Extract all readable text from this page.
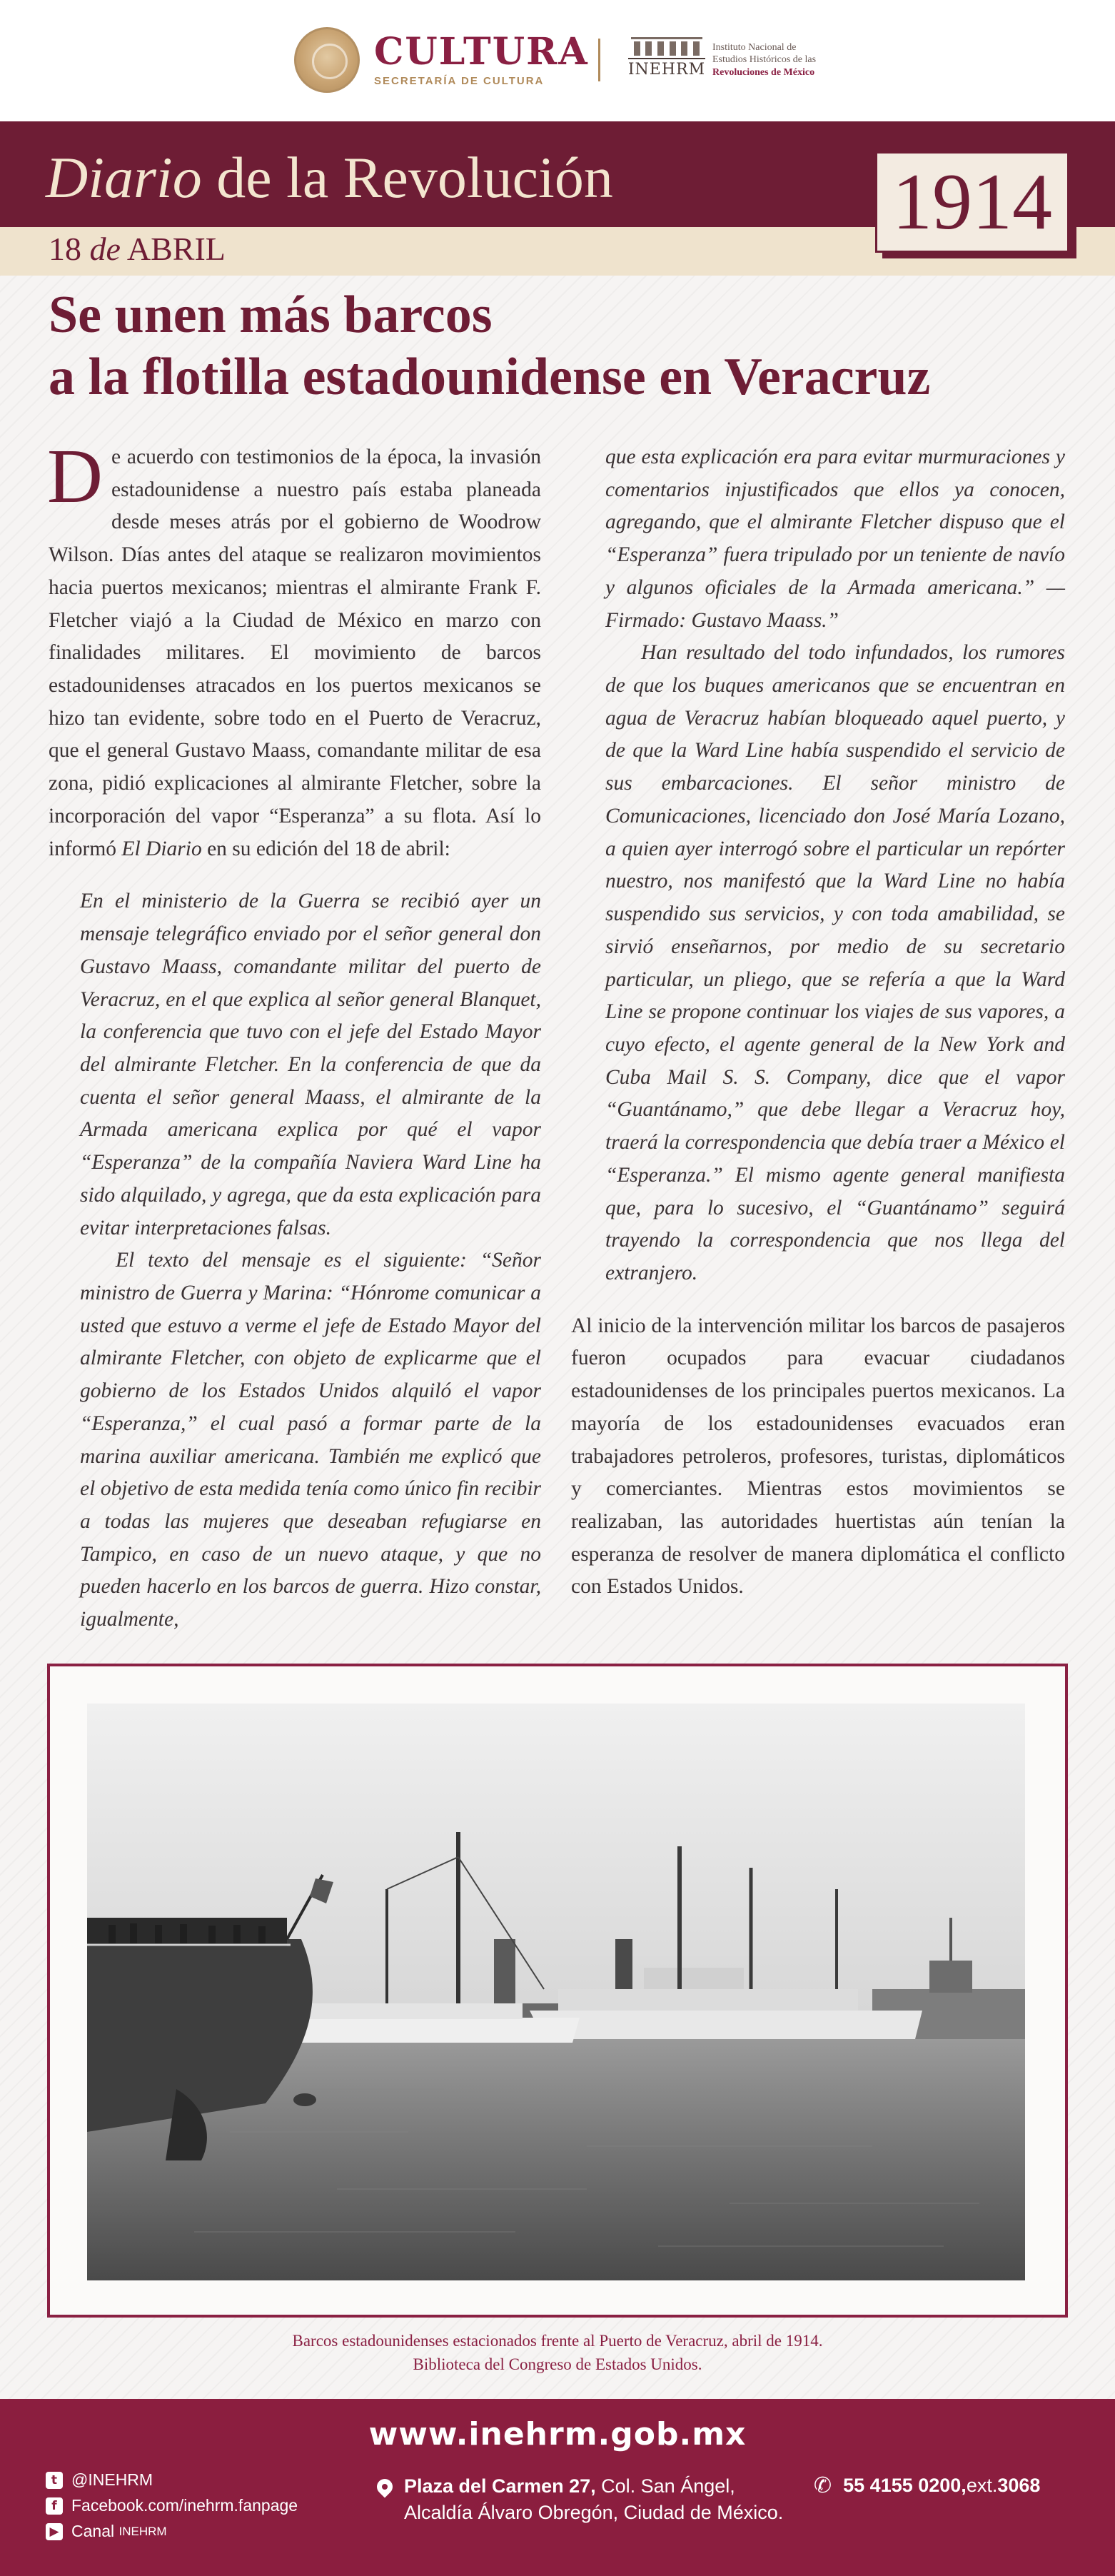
CULTURA
SECRETARÍA DE CULTURA
INEHRM
Instituto Nacional de
Estudios Históricos de las
Revoluciones de México
Diario de la Revolución
18 de ABRIL
1914
Se unen más barcos
a la flotilla estadounidense en Veracruz

De acuerdo con testimonios de la época, la invasión estadounidense a nuestro país estaba planeada desde meses atrás por el gobierno de Woodrow Wilson. Días antes del ataque se realizaron movimientos hacia puertos mexicanos; mientras el almirante Frank F. Fletcher viajó a la Ciudad de México en marzo con finalidades militares. El movimiento de barcos estadounidenses atracados en los puertos mexicanos se hizo tan evidente, sobre todo en el Puerto de Veracruz, que el general Gustavo Maass, comandante militar de esa zona, pidió explicaciones al almirante Fletcher, sobre la incorporación del vapor “Esperanza” a su flota. Así lo informó El Diario en su edición del 18 de abril:

En el ministerio de la Guerra se recibió ayer un mensaje telegráfico enviado por el señor general don Gustavo Maass, comandante militar del puerto de Veracruz, en el que explica al señor general Blanquet, la conferencia que tuvo con el jefe del Estado Mayor del almirante Fletcher. En la conferencia de que da cuenta el señor general Maass, el almirante de la Armada americana explica por qué el vapor “Esperanza” de la compañía Naviera Ward Line ha sido alquilado, y agrega, que da esta explicación para evitar interpretaciones falsas.

El texto del mensaje es el siguiente: “Señor ministro de Guerra y Marina: “Hónrome comunicar a usted que estuvo a verme el jefe de Estado Mayor del almirante Fletcher, con objeto de explicarme que el gobierno de los Estados Unidos alquiló el vapor “Esperanza,” el cual pasó a formar parte de la marina auxiliar americana. También me explicó que el objetivo de esta medida tenía como único fin recibir a todas las mujeres que deseaban refugiarse en Tampico, en caso de un nuevo ataque, y que no pueden hacerlo en los barcos de guerra. Hizo constar, igualmente,

que esta explicación era para evitar murmuraciones y comentarios injustificados que ellos ya conocen, agregando, que el almirante Fletcher dispuso que el “Esperanza” fuera tripulado por un teniente de navío y algunos oficiales de la Armada americana.” —Firmado: Gustavo Maass.”

Han resultado del todo infundados, los rumores de que los buques americanos que se encuentran en agua de Veracruz habían bloqueado aquel puerto, y de que la Ward Line había suspendido el servicio de sus embarcaciones. El señor ministro de Comunicaciones, licenciado don José María Lozano, a quien ayer interrogó sobre el particular un repórter nuestro, nos manifestó que la Ward Line no había suspendido sus servicios, y con toda amabilidad, se sirvió enseñarnos, por medio de su secretario particular, un pliego, que se refería a que la Ward Line se propone continuar los viajes de sus vapores, a cuyo efecto, el agente general de la New York and Cuba Mail S. S. Company, dice que el vapor “Guantánamo,” que debe llegar a Veracruz hoy, traerá la correspondencia que debía traer a México el “Esperanza.” El mismo agente general manifiesta que, para lo sucesivo, el “Guantánamo” seguirá trayendo la correspondencia que nos llega del extranjero.

Al inicio de la intervención militar los barcos de pasajeros fueron ocupados para evacuar ciudadanos estadounidenses de los principales puertos mexicanos. La mayoría de los estadounidenses evacuados eran trabajadores petroleros, profesores, turistas, diplomáticos y comerciantes. Mientras estos movimientos se realizaban, las autoridades huertistas aún tenían la esperanza de resolver de manera diplomática el conflicto con Estados Unidos.

Barcos estadounidenses estacionados frente al Puerto de Veracruz, abril de 1914.
Biblioteca del Congreso de Estados Unidos.
www.inehrm.gob.mx
t @INEHRM
f Facebook.com/inehrm.fanpage
▶ Canal
INEHRM
Plaza del Carmen 27, Col. San Ángel,
Alcaldía Álvaro Obregón, Ciudad de México.
✆ 55 4155 0200, ext. 3068
